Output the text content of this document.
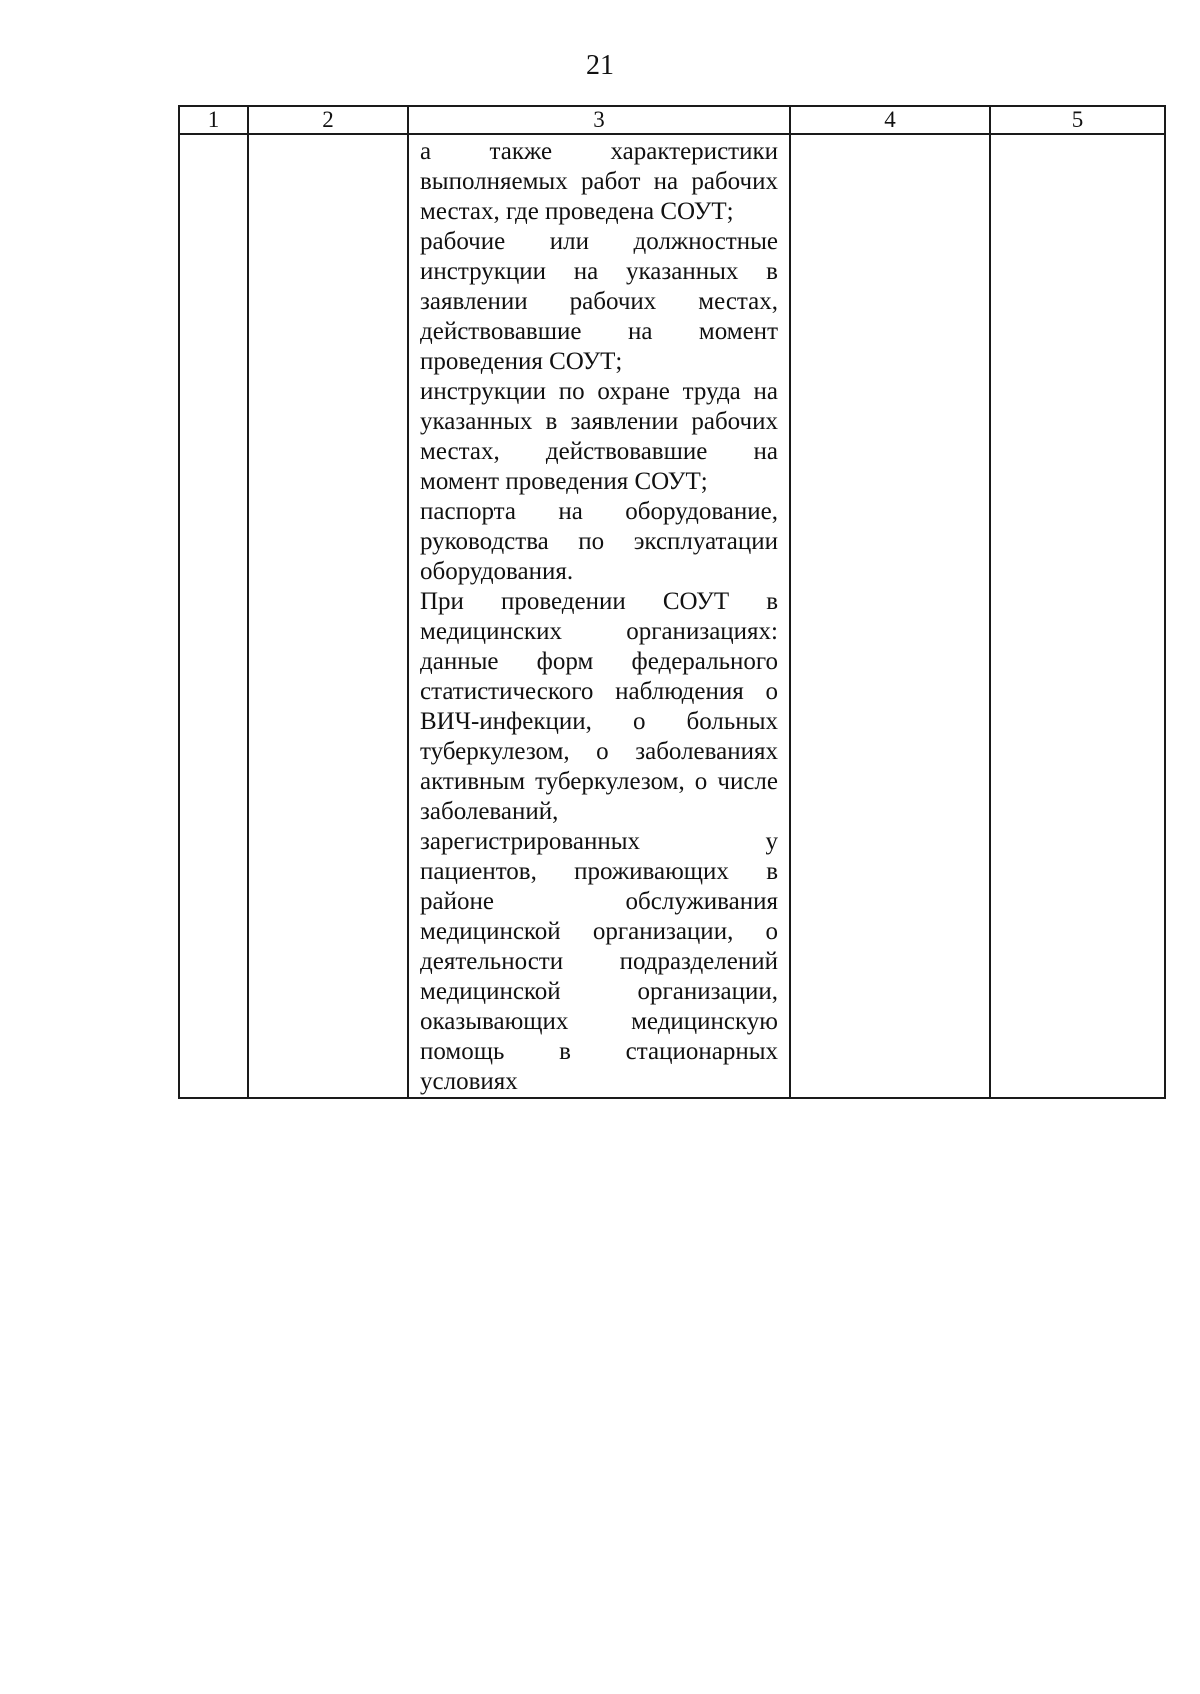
21
1	2	3	4	5

		а также характеристики выполняемых работ на рабочих местах, где проведена СОУТ;

рабочие или должностные инструкции на указанных в заявлении рабочих местах, действовавшие на момент проведения СОУТ;

инструкции по охране труда на указанных в заявлении рабочих местах, действовавшие на момент проведения СОУТ;

паспорта на оборудование, руководства по эксплуатации оборудования.

При проведении СОУТ в медицинских организациях: данные форм федерального статистического наблюдения о ВИЧ-инфекции, о больных туберкулезом, о заболеваниях активным туберкулезом, о числе заболеваний, зарегистрированных у пациентов, проживающих в районе обслуживания медицинской организации, о деятельности подразделений медицинской организации, оказывающих медицинскую помощь в стационарных условиях		
